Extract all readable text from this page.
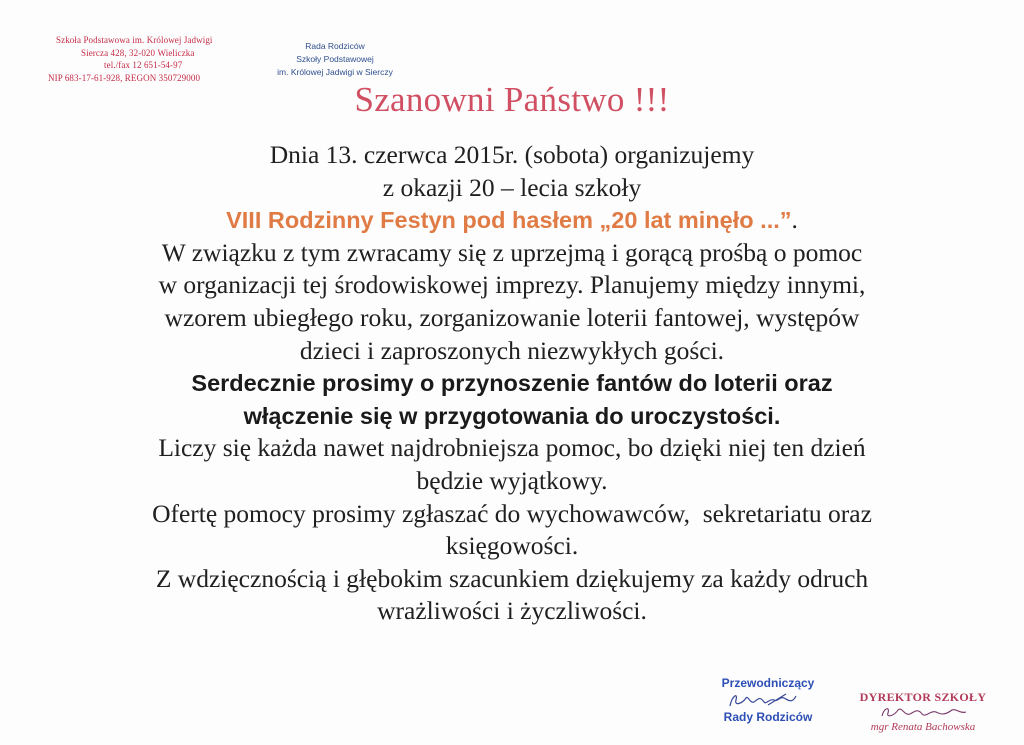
Szkoła Podstawowa im. Królowej Jadwigi
Sierczа 428, 32-020 Wieliczka
tel./fax 12 651-54-97
NIP 683-17-61-928, REGON 350729000
Rada Rodziców
Szkoły Podstawowej
im. Królowej Jadwigi w Sierczy
Szanowni Państwo !!!
Dnia 13. czerwca 2015r. (sobota) organizujemy
z okazji 20 – lecia szkoły
VIII Rodzinny Festyn pod hasłem „20 lat minęło ...”.
W związku z tym zwracamy się z uprzejmą i gorącą prośbą o pomoc
w organizacji tej środowiskowej imprezy. Planujemy między innymi,
wzorem ubiegłego roku, zorganizowanie loterii fantowej, występów
dzieci i zaproszonych niezwykłych gości.
Serdecznie prosimy o przynoszenie fantów do loterii oraz
włączenie się w przygotowania do uroczystości.
Liczy się każda nawet najdrobniejsza pomoc, bo dzięki niej ten dzień
będzie wyjątkowy.
Ofertę pomocy prosimy zgłaszać do wychowawców,  sekretariatu oraz
księgowości.
Z wdzięcznością i głębokim szacunkiem dziękujemy za każdy odruch
wrażliwości i życzliwości.
Przewodniczący
Rady Rodziców
DYREKTOR SZKOŁY
mgr Renata Bachowska
